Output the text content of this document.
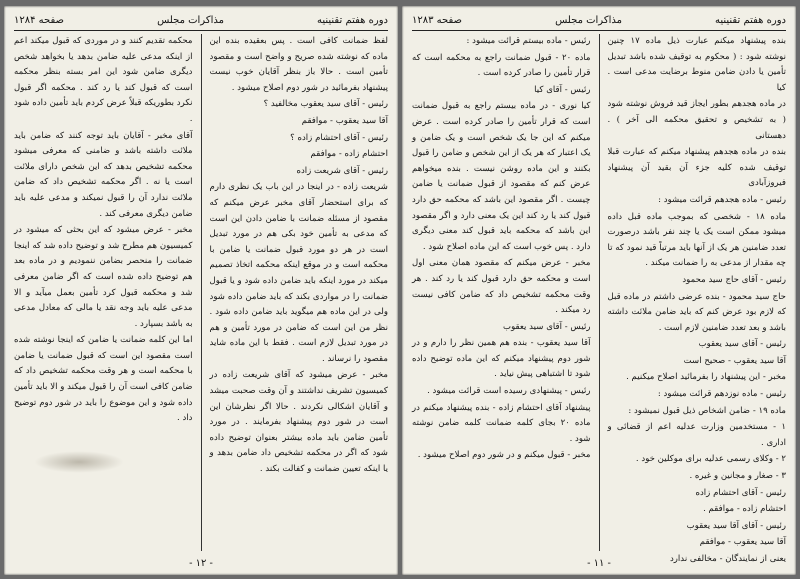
دوره هفتم تقنینیه
مذاکرات مجلس
صفحه ۱۲۸۴

لفظ ضمانت کافی است . پس بعقیده بنده این ماده که نوشته شده صریح و واضح است و مقصود تأمین است . حالا باز بنظر آقایان خوب نیست پیشنهاد بفرمائید در شور دوم اصلاح میشود .

رئیس - آقای سید یعقوب مخالفید ؟

آقا سید یعقوب - موافقم

رئیس - آقای احتشام زاده ؟

احتشام زاده - موافقم

رئیس - آقای شریعت زاده

شریعت زاده - در اینجا در این باب یک نظری دارم که برای استحضار آقای مخبر عرض میکنم که مقصود از مسئله ضمانت با ضامن دادن این است که مدعی به تأمین خود بکی هم در مورد تبدیل است در هر دو مورد قبول ضمانت یا ضامن با محکمه است و در موقع اینکه محکمه اتخاذ تصمیم میکند در مورد اینکه باید ضامن داده شود و یا قبول ضمانت را در مواردی بکند که باید ضامن داده شود ولی در این ماده هم میگوید باید ضامن داده شود . نظر من این است که ضامن در مورد تأمین و هم در مورد تبدیل لازم است . فقط با این ماده شاید مقصود را نرساند .

مخبر - عرض میشود که آقای شریعت زاده در کمیسیون تشریف نداشتند و آن وقت صحبت میشد و آقایان اشکالی نکردند . حالا اگر نظرشان این است در شور دوم پیشنهاد بفرمایند . در مورد تأمین ضامن باید ماده بیشتر بعنوان توضیح داده شود که اگر در محکمه تشخیص داد ضامن بدهد و یا اینکه تعیین ضمانت و کفالت بکند .

محکمه تقدیم کنند و در موردی که قبول میکند اعم از اینکه مدعی علیه ضامن بدهد یا بخواهد شخص دیگری ضامن شود این امر بسته بنظر محکمه است که قبول کند یا رد کند . محکمه اگر قبول نکرد بطوریکه قبلاً عرض کردم باید تأمین داده شود .

آقای مخبر - آقایان باید توجه کنند که ضامن باید ملائت داشته باشد و ضامنی که معرفی میشود محکمه تشخیص بدهد که این شخص دارای ملائت است یا نه . اگر محکمه تشخیص داد که ضامن ملائت ندارد آن را قبول نمیکند و مدعی علیه باید ضامن دیگری معرفی کند .

مخبر - عرض میشود که این بحثی که میشود در کمیسیون هم مطرح شد و توضیح داده شد که اینجا ضمانت را منحصر بضامن ننمودیم و در ماده بعد هم توضیح داده شده است که اگر ضامن معرفی شد و محکمه قبول کرد تأمین بعمل میآید و الا مدعی علیه باید وجه نقد یا مالی که معادل مدعی به باشد بسپارد .

اما این کلمه ضمانت یا ضامن که اینجا نوشته شده است مقصود این است که قبول ضمانت یا ضامن با محکمه است و هر وقت محکمه تشخیص داد که ضامن کافی است آن را قبول میکند و الا باید تأمین داده شود و این موضوع را باید در شور دوم توضیح داد .

- ۱۲ -
دوره هفتم تقنینیه
مذاکرات مجلس
صفحه ۱۲۸۳

بنده پیشنهاد میکنم عبارت ذیل ماده ۱۷ چنین نوشته شود : ( محکوم به توقیف شده باشد تبدیل تأمین یا دادن ضامن منوط برضایت مدعی است . کیا

در ماده هجدهم بطور ایجاز قید فروش نوشته شود ( به تشخیص و تحقیق محکمه الی آخر ) . دهستانی

بنده در ماده هجدهم پیشنهاد میکنم که عبارت قبلا توقیف شده کلیه جزء آن بقید آن پیشنهاد فیروزآبادی

رئیس - ماده هجدهم قرائت میشود :

ماده ۱۸ - شخصی که بموجب ماده قبل داده میشود ممکن است یک یا چند نفر باشد درصورت تعدد ضامنین هر یک از آنها باید مرتباً قید نمود که تا چه مقدار از مدعی به را ضمانت میکند .

رئیس - آقای حاج سید محمود

حاج سید محمود - بنده عرضی داشتم در ماده قبل که لازم بود عرض کنم که باید ضامن ملائت داشته باشد و بعد تعدد ضامنین لازم است .

رئیس - آقای سید یعقوب

آقا سید یعقوب - صحیح است

مخبر - این پیشنهاد را بفرمائید اصلاح میکنیم .

رئیس - ماده نوزدهم قرائت میشود :

ماده ۱۹ - ضامن اشخاص ذیل قبول نمیشود :

۱ - مستخدمین وزارت عدلیه اعم از قضائی و اداری .

۲ - وکلای رسمی عدلیه برای موکلین خود .

۳ - صغار و مجانین و غیره .

رئیس - آقای احتشام زاده

احتشام زاده - موافقم .

رئیس - آقای آقا سید یعقوب

آقا سید یعقوب - موافقم

یعنی از نمایندگان - مخالفی ندارد

رئیس - ماده بیستم قرائت میشود :

ماده ۲۰ - قبول ضمانت راجع به محکمه است که قرار تأمین را صادر کرده است .

رئیس - آقای کیا

کیا نوری - در ماده بیستم راجع به قبول ضمانت است که قرار تأمین را صادر کرده است . عرض میکنم که این جا یک شخص است و یک ضامن و یک اعتبار که هر یک از این شخص و ضامن را قبول بکنند و این ماده روشن نیست . بنده میخواهم عرض کنم که مقصود از قبول ضمانت یا ضامن چیست . اگر مقصود این باشد که محکمه حق دارد قبول کند یا رد کند این یک معنی دارد و اگر مقصود این باشد که محکمه باید قبول کند معنی دیگری دارد . پس خوب است که این ماده اصلاح شود .

مخبر - عرض میکنم که مقصود همان معنی اول است و محکمه حق دارد قبول کند یا رد کند . هر وقت محکمه تشخیص داد که ضامن کافی نیست رد میکند .

رئیس - آقای سید یعقوب

آقا سید یعقوب - بنده هم همین نظر را دارم و در شور دوم پیشنهاد میکنم که این ماده توضیح داده شود تا اشتباهی پیش نیاید .

رئیس - پیشنهادی رسیده است قرائت میشود .

پیشنهاد آقای احتشام زاده - بنده پیشنهاد میکنم در ماده ۲۰ بجای کلمه ضمانت کلمه ضامن نوشته شود .

مخبر - قبول میکنم و در شور دوم اصلاح میشود .

- ۱۱ -
